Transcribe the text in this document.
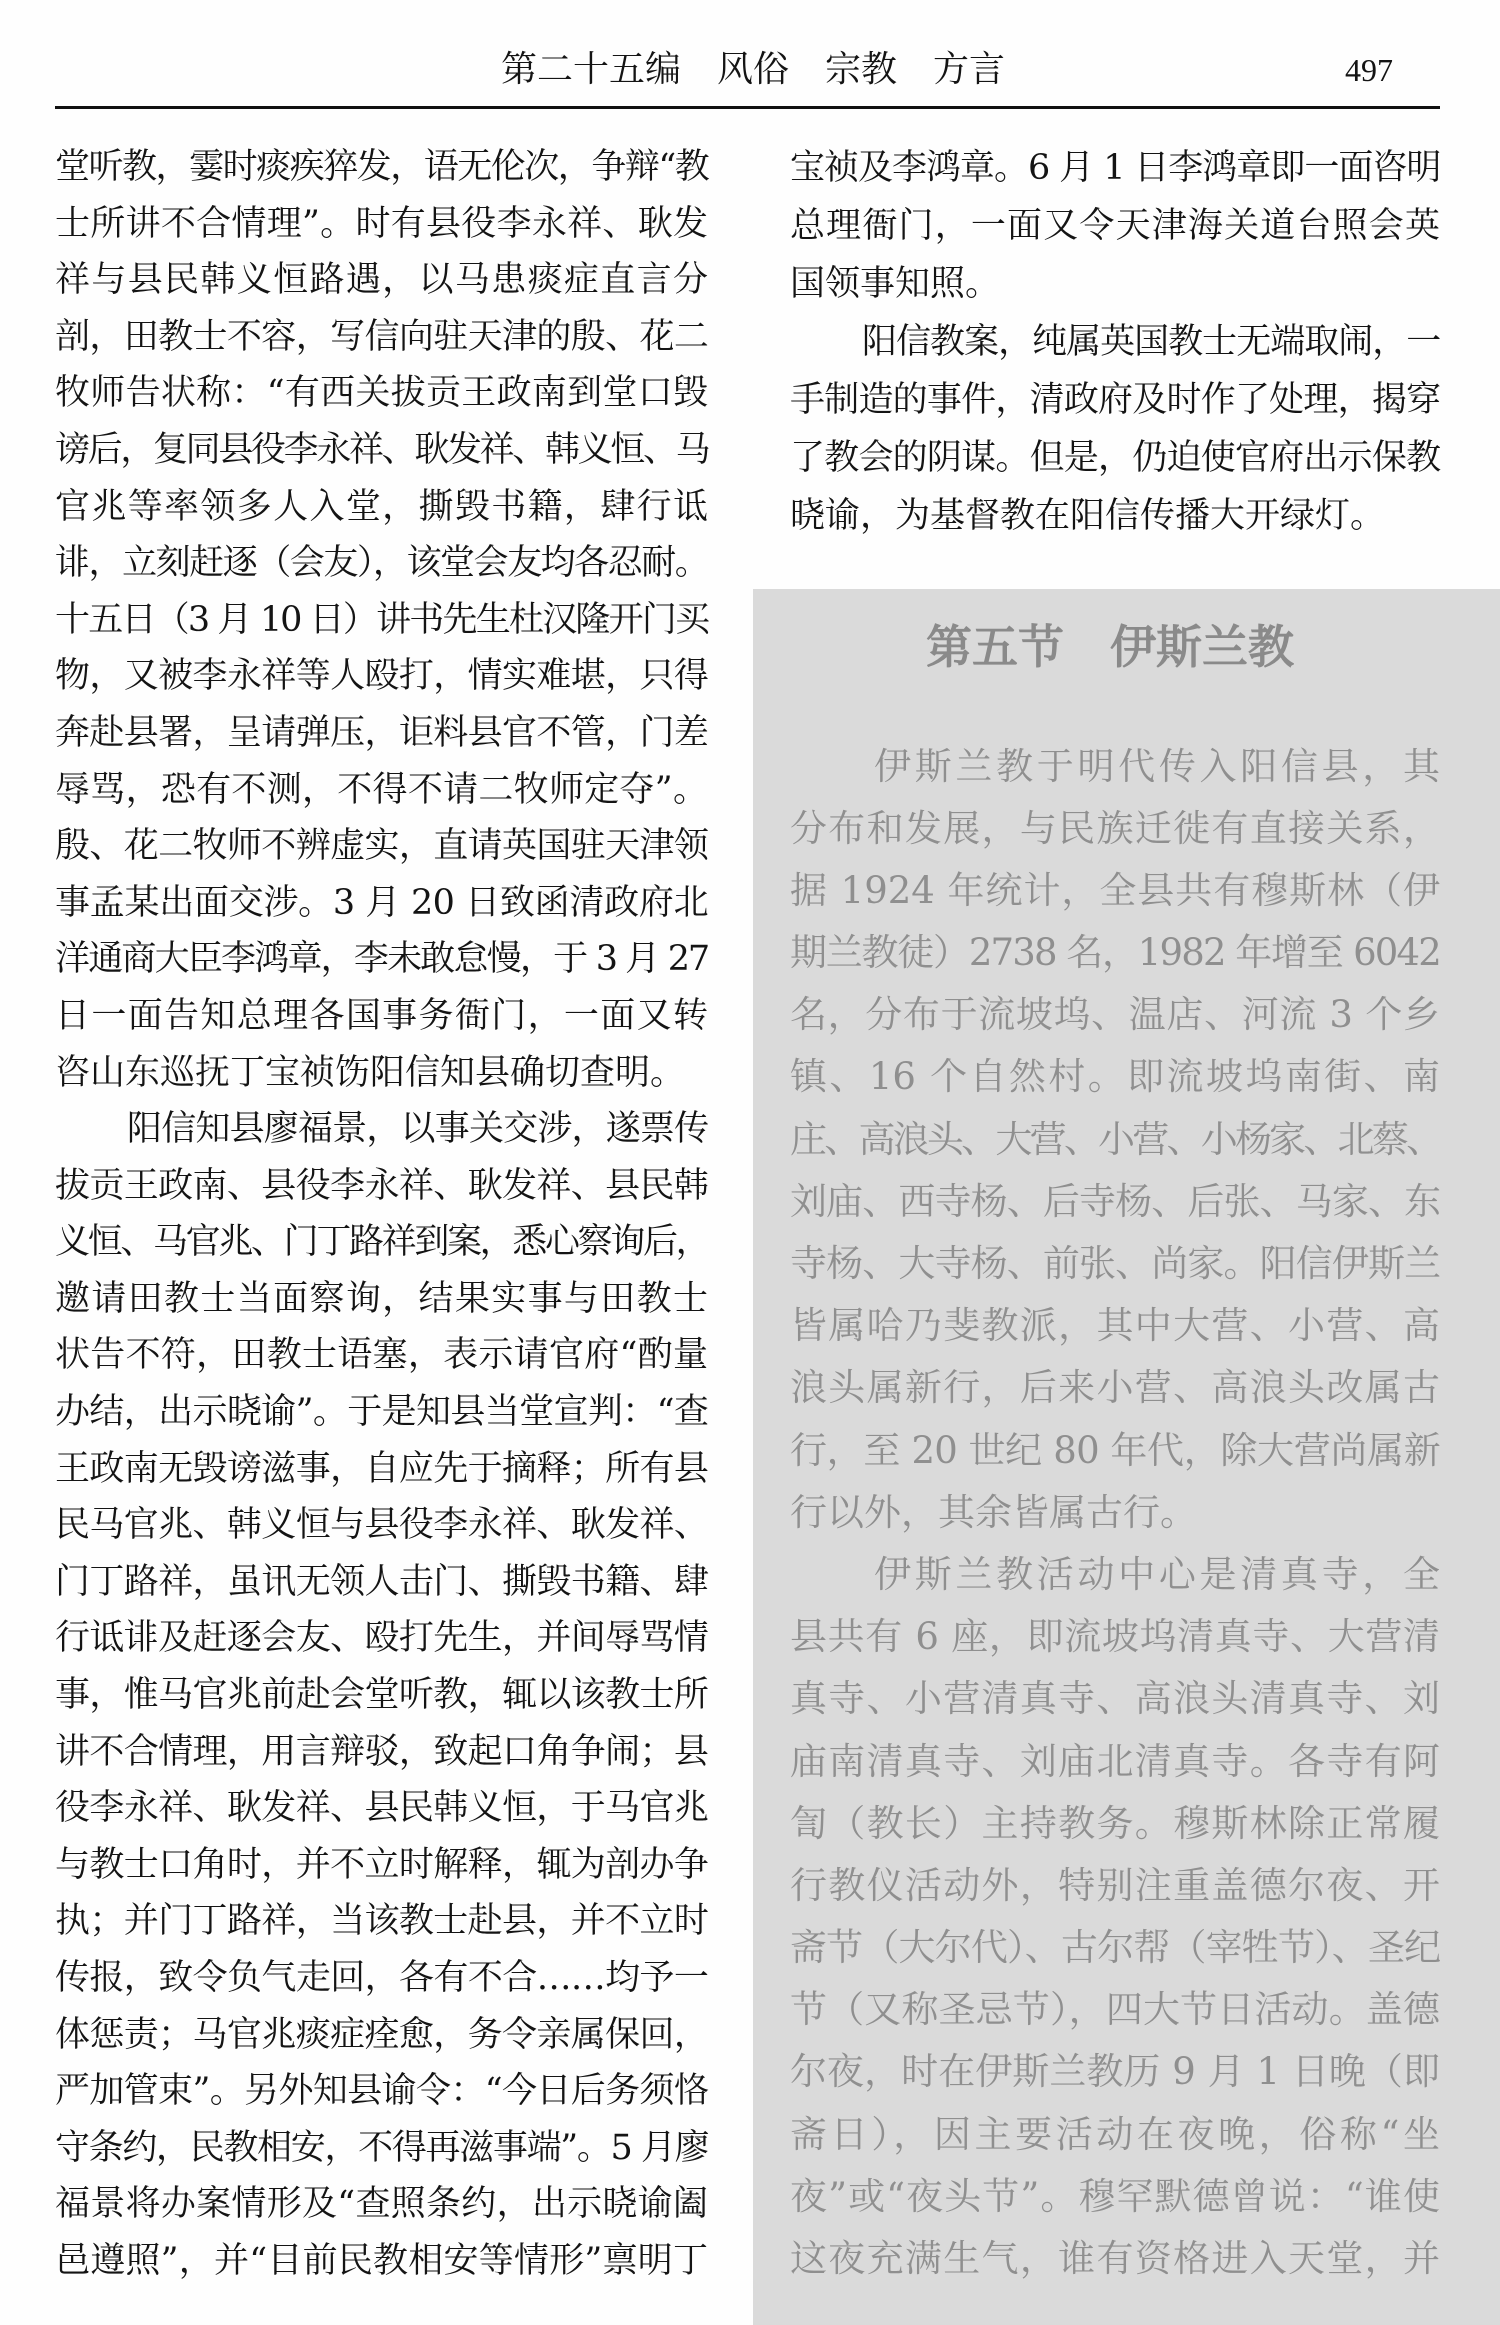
第二十五编　风俗　宗教　方言	497
堂听教，霎时痰疾猝发，语无伦次，争辩“教
士所讲不合情理”。时有县役李永祥、耿发
祥与县民韩义恒路遇，以马患痰症直言分
剖，田教士不容，写信向驻天津的殷、花二
牧师告状称：“有西关拔贡王政南到堂口毁
谤后，复同县役李永祥、耿发祥、韩义恒、马
官兆等率领多人入堂，撕毁书籍，肆行诋
诽，立刻赶逐（会友），该堂会友均各忍耐。
十五日（3 月 10 日）讲书先生杜汉隆开门买
物，又被李永祥等人殴打，情实难堪，只得
奔赴县署，呈请弹压，讵料县官不管，门差
辱骂，恐有不测，不得不请二牧师定夺”。
殷、花二牧师不辨虚实，直请英国驻天津领
事孟某出面交涉。3 月 20 日致函清政府北
洋通商大臣李鸿章，李未敢怠慢，于 3 月 27
日一面告知总理各国事务衙门，一面又转
咨山东巡抚丁宝祯饬阳信知县确切查明。
阳信知县廖福景，以事关交涉，遂票传
拔贡王政南、县役李永祥、耿发祥、县民韩
义恒、马官兆、门丁路祥到案，悉心察询后，
邀请田教士当面察询，结果实事与田教士
状告不符，田教士语塞，表示请官府“酌量
办结，出示晓谕”。于是知县当堂宣判：“查
王政南无毁谤滋事，自应先于摘释；所有县
民马官兆、韩义恒与县役李永祥、耿发祥、
门丁路祥，虽讯无领人击门、撕毁书籍、肆
行诋诽及赶逐会友、殴打先生，并间辱骂情
事，惟马官兆前赴会堂听教，辄以该教士所
讲不合情理，用言辩驳，致起口角争闹；县
役李永祥、耿发祥、县民韩义恒，于马官兆
与教士口角时，并不立时解释，辄为剖办争
执；并门丁路祥，当该教士赴县，并不立时
传报，致令负气走回，各有不合……均予一
体惩责；马官兆痰症痊愈，务令亲属保回，
严加管束”。另外知县谕令：“今日后务须恪
守条约，民教相安，不得再滋事端”。5 月廖
福景将办案情形及“查照条约，出示晓谕阖
邑遵照”，并“目前民教相安等情形”禀明丁
宝祯及李鸿章。6 月 1 日李鸿章即一面咨明
总理衙门，一面又令天津海关道台照会英
国领事知照。
阳信教案，纯属英国教士无端取闹，一
手制造的事件，清政府及时作了处理，揭穿
了教会的阴谋。但是，仍迫使官府出示保教
晓谕，为基督教在阳信传播大开绿灯。
第五节　伊斯兰教
伊斯兰教于明代传入阳信县，其
分布和发展，与民族迁徙有直接关系，
据 1924 年统计，全县共有穆斯林（伊
期兰教徒）2738 名，1982 年增至 6042
名，分布于流坡坞、温店、河流 3 个乡
镇、16 个自然村。即流坡坞南街、南
庄、高浪头、大营、小营、小杨家、北蔡、
刘庙、西寺杨、后寺杨、后张、马家、东
寺杨、大寺杨、前张、尚家。阳信伊斯兰
皆属哈乃斐教派，其中大营、小营、高
浪头属新行，后来小营、高浪头改属古
行，至 20 世纪 80 年代，除大营尚属新
行以外，其余皆属古行。
伊斯兰教活动中心是清真寺，全
县共有 6 座，即流坡坞清真寺、大营清
真寺、小营清真寺、高浪头清真寺、刘
庙南清真寺、刘庙北清真寺。各寺有阿
訇（教长）主持教务。穆斯林除正常履
行教仪活动外，特别注重盖德尔夜、开
斋节（大尔代）、古尔帮（宰牲节）、圣纪
节（又称圣忌节），四大节日活动。盖德
尔夜，时在伊斯兰教历 9 月 1 日晚（即
斋日），因主要活动在夜晚，俗称“坐
夜”或“夜头节”。穆罕默德曾说：“谁使
这夜充满生气，谁有资格进入天堂，并
